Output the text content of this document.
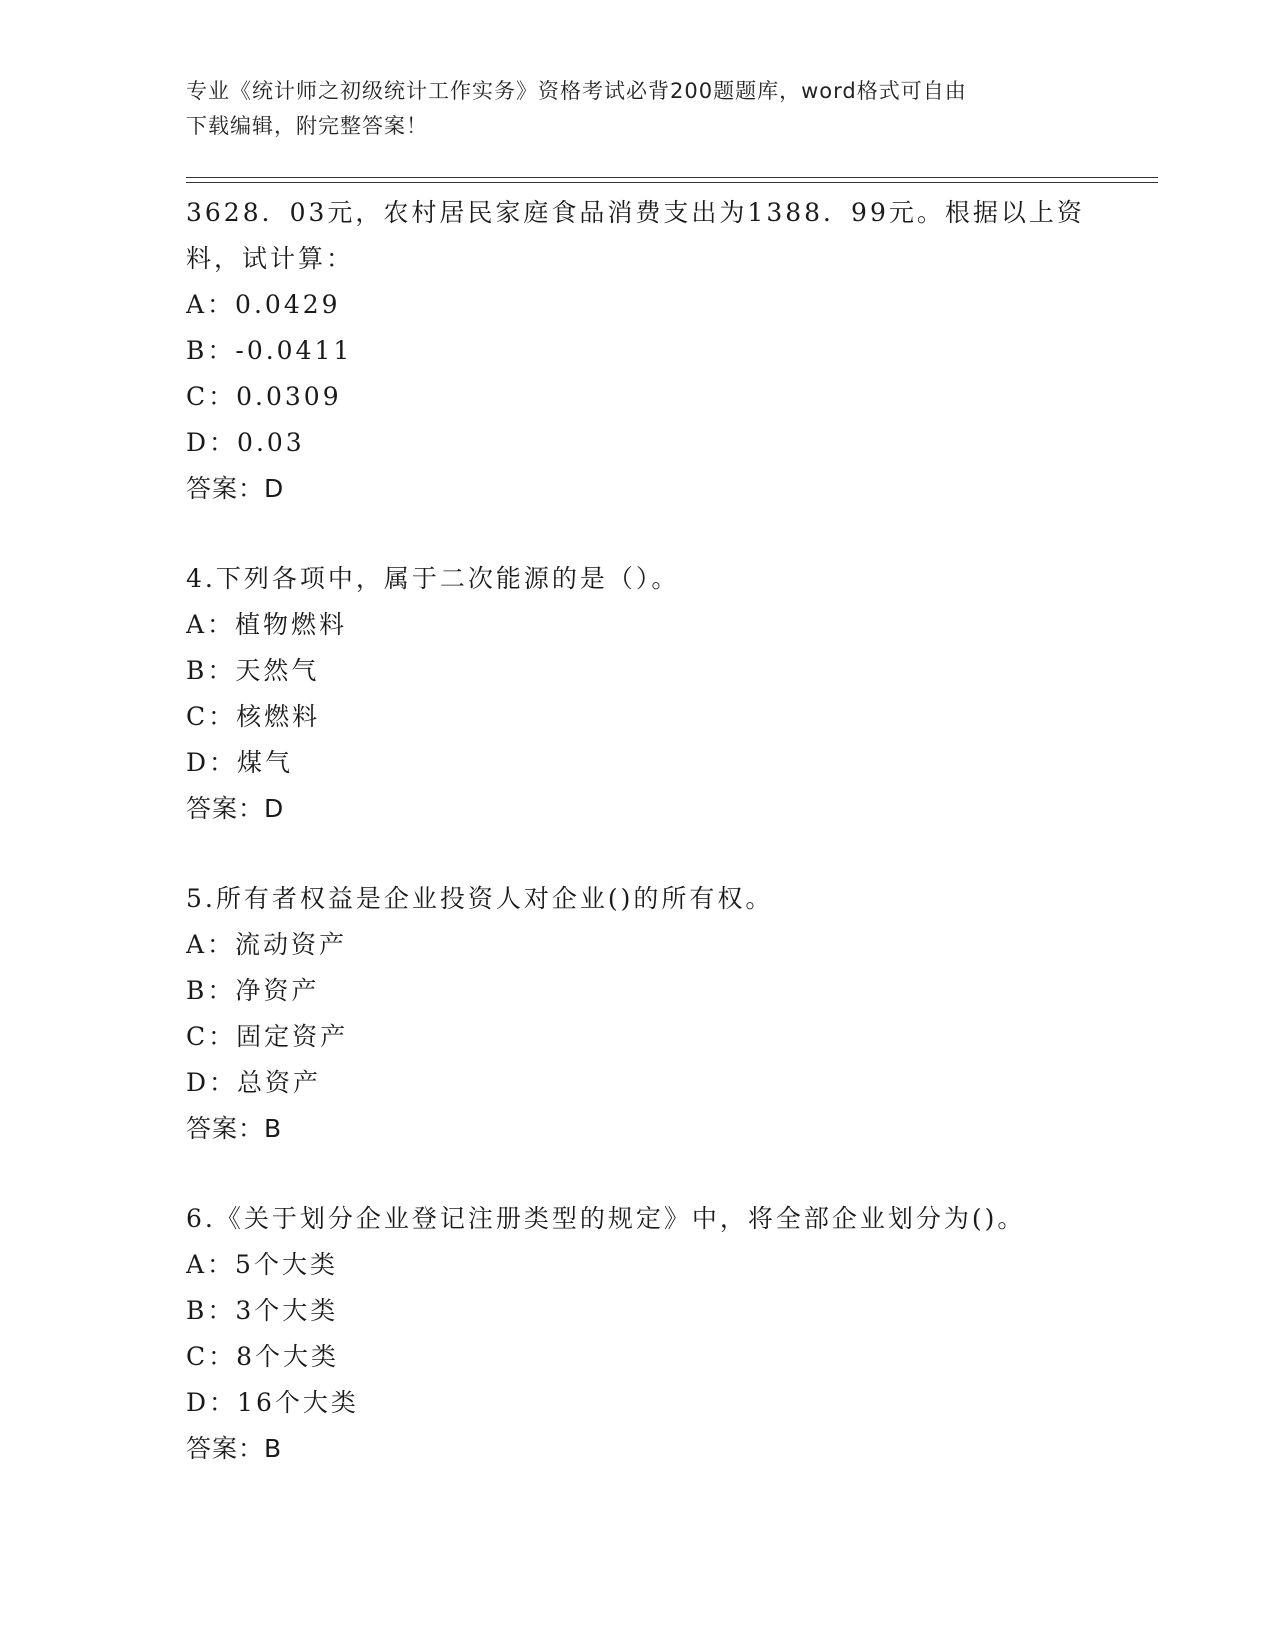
专业《统计师之初级统计工作实务》资格考试必背200题题库，word格式可自由
下载编辑，附完整答案！
3628．03元，农村居民家庭食品消费支出为1388．99元。根据以上资
料，试计算：
A：0.0429
B：-0.0411
C：0.0309
D：0.03
答案：D
4.下列各项中，属于二次能源的是（）。
A：植物燃料
B：天然气
C：核燃料
D：煤气
答案：D
5.所有者权益是企业投资人对企业()的所有权。
A：流动资产
B：净资产
C：固定资产
D：总资产
答案：B
6.《关于划分企业登记注册类型的规定》中，将全部企业划分为()。
A：5个大类
B：3个大类
C：8个大类
D：16个大类
答案：B
